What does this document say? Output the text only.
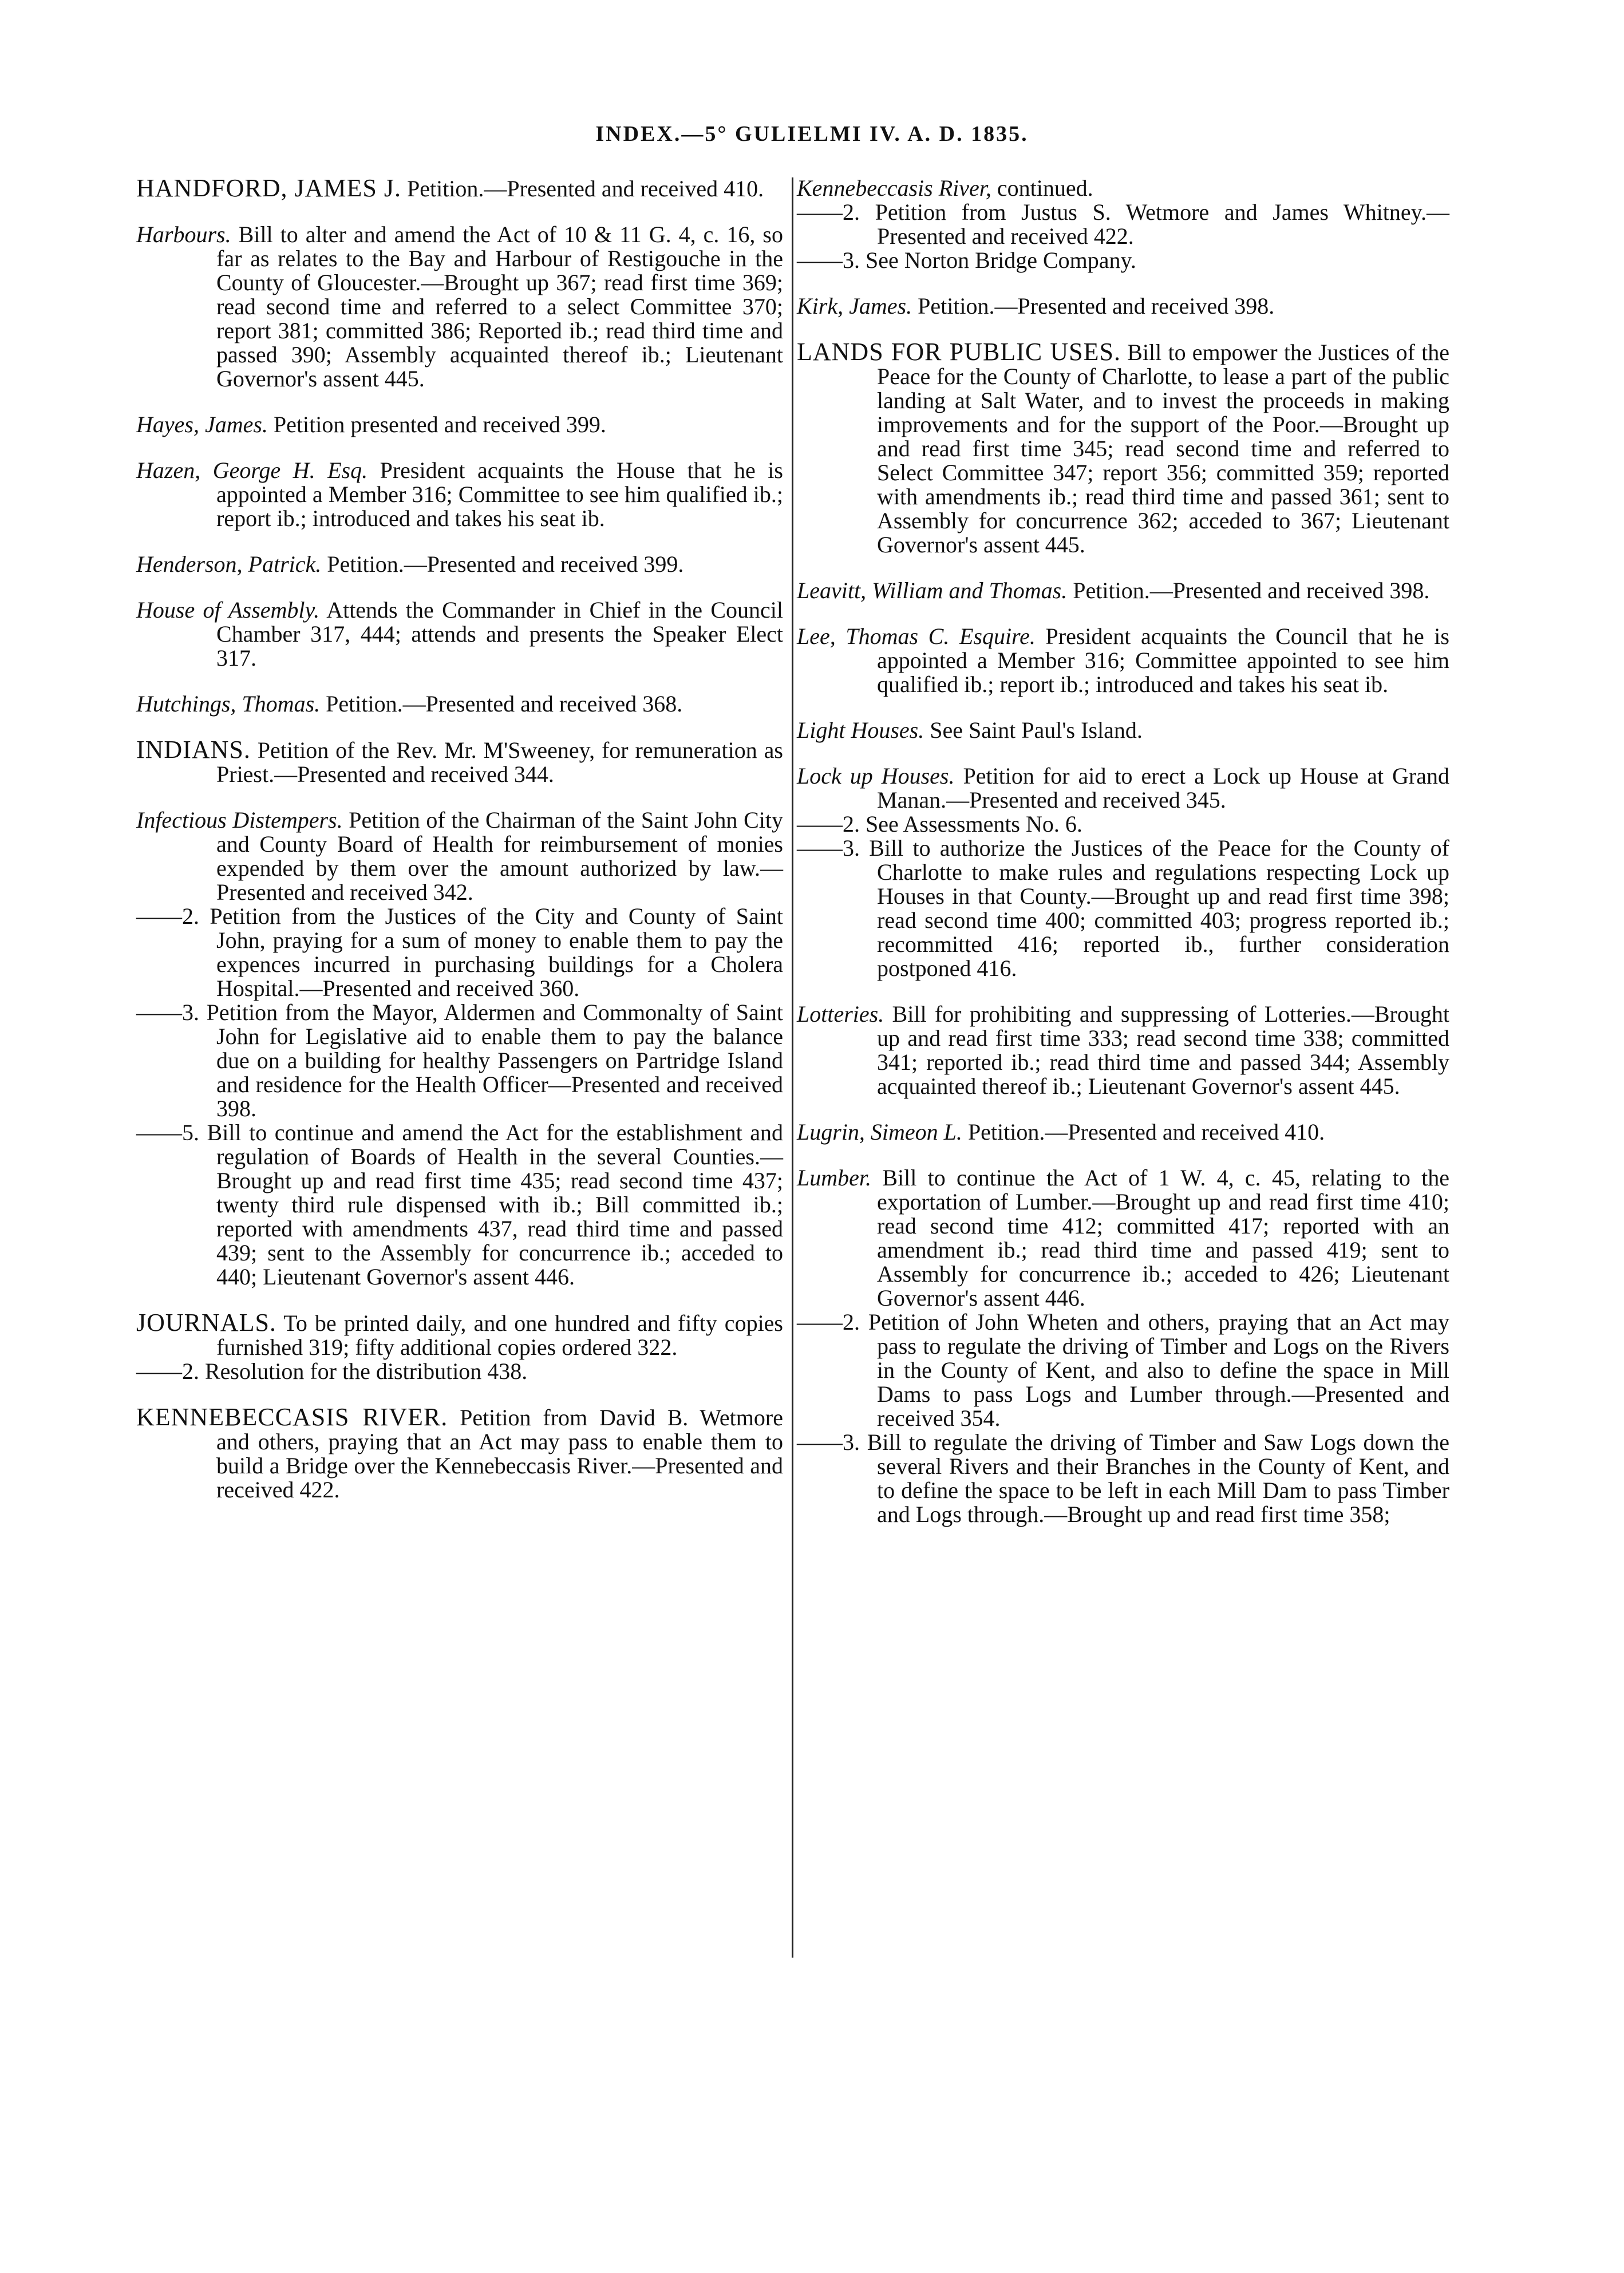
INDEX.—5° GULIELMI IV. A. D. 1835.
HANDFORD, JAMES J. Petition.—Presented and received 410.
Harbours. Bill to alter and amend the Act of 10 & 11 G. 4, c. 16, so far as relates to the Bay and Harbour of Restigouche in the County of Gloucester.—Brought up 367; read first time 369; read second time and referred to a select Committee 370; report 381; committed 386; Reported ib.; read third time and passed 390; Assembly acquainted thereof ib.; Lieutenant Governor's assent 445.
Hayes, James. Petition presented and received 399.
Hazen, George H. Esq. President acquaints the House that he is appointed a Member 316; Committee to see him qualified ib.; report ib.; introduced and takes his seat ib.
Henderson, Patrick. Petition.—Presented and received 399.
House of Assembly. Attends the Commander in Chief in the Council Chamber 317, 444; attends and presents the Speaker Elect 317.
Hutchings, Thomas. Petition.—Presented and received 368.
INDIANS. Petition of the Rev. Mr. M'Sweeney, for remuneration as Priest.—Presented and received 344.
Infectious Distempers. Petition of the Chairman of the Saint John City and County Board of Health for reimbursement of monies expended by them over the amount authorized by law.—Presented and received 342.
——2. Petition from the Justices of the City and County of Saint John, praying for a sum of money to enable them to pay the expences incurred in purchasing buildings for a Cholera Hospital.—Presented and received 360.
——3. Petition from the Mayor, Aldermen and Commonalty of Saint John for Legislative aid to enable them to pay the balance due on a building for healthy Passengers on Partridge Island and residence for the Health Officer—Presented and received 398.
——5. Bill to continue and amend the Act for the establishment and regulation of Boards of Health in the several Counties.—Brought up and read first time 435; read second time 437; twenty third rule dispensed with ib.; Bill committed ib.; reported with amendments 437, read third time and passed 439; sent to the Assembly for concurrence ib.; acceded to 440; Lieutenant Governor's assent 446.
JOURNALS. To be printed daily, and one hundred and fifty copies furnished 319; fifty additional copies ordered 322.
——2. Resolution for the distribution 438.
KENNEBECCASIS RIVER. Petition from David B. Wetmore and others, praying that an Act may pass to enable them to build a Bridge over the Kennebeccasis River.—Presented and received 422.
Kennebeccasis River, continued.
——2. Petition from Justus S. Wetmore and James Whitney.—Presented and received 422.
——3. See Norton Bridge Company.
Kirk, James. Petition.—Presented and received 398.
LANDS FOR PUBLIC USES. Bill to empower the Justices of the Peace for the County of Charlotte, to lease a part of the public landing at Salt Water, and to invest the proceeds in making improvements and for the support of the Poor.—Brought up and read first time 345; read second time and referred to Select Committee 347; report 356; committed 359; reported with amendments ib.; read third time and passed 361; sent to Assembly for concurrence 362; acceded to 367; Lieutenant Governor's assent 445.
Leavitt, William and Thomas. Petition.—Presented and received 398.
Lee, Thomas C. Esquire. President acquaints the Council that he is appointed a Member 316; Committee appointed to see him qualified ib.; report ib.; introduced and takes his seat ib.
Light Houses. See Saint Paul's Island.
Lock up Houses. Petition for aid to erect a Lock up House at Grand Manan.—Presented and received 345.
——2. See Assessments No. 6.
——3. Bill to authorize the Justices of the Peace for the County of Charlotte to make rules and regulations respecting Lock up Houses in that County.—Brought up and read first time 398; read second time 400; committed 403; progress reported ib.; recommitted 416; reported ib., further consideration postponed 416.
Lotteries. Bill for prohibiting and suppressing of Lotteries.—Brought up and read first time 333; read second time 338; committed 341; reported ib.; read third time and passed 344; Assembly acquainted thereof ib.; Lieutenant Governor's assent 445.
Lugrin, Simeon L. Petition.—Presented and received 410.
Lumber. Bill to continue the Act of 1 W. 4, c. 45, relating to the exportation of Lumber.—Brought up and read first time 410; read second time 412; committed 417; reported with an amendment ib.; read third time and passed 419; sent to Assembly for concurrence ib.; acceded to 426; Lieutenant Governor's assent 446.
——2. Petition of John Wheten and others, praying that an Act may pass to regulate the driving of Timber and Logs on the Rivers in the County of Kent, and also to define the space in Mill Dams to pass Logs and Lumber through.—Presented and received 354.
——3. Bill to regulate the driving of Timber and Saw Logs down the several Rivers and their Branches in the County of Kent, and to define the space to be left in each Mill Dam to pass Timber and Logs through.—Brought up and read first time 358;
